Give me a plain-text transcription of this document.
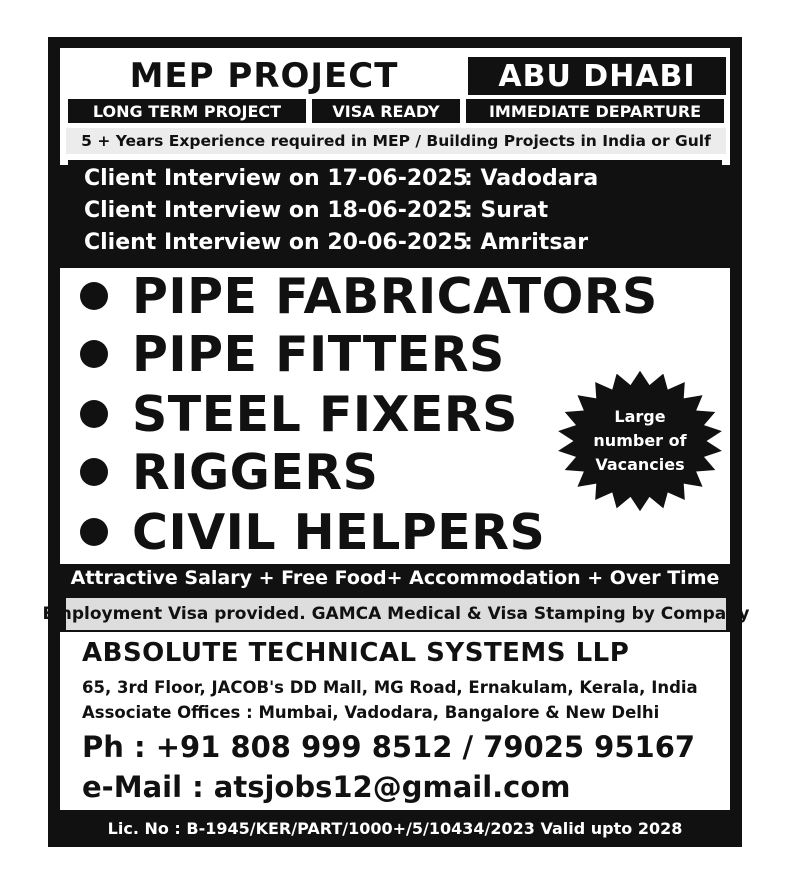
MEP PROJECT	ABU DHABI
LONG TERM PROJECT	VISA READY	IMMEDIATE DEPARTURE
5 + Years Experience required in MEP / Building Projects in India or Gulf
Client Interview on 17-06-2025
: Vadodara
Client Interview on 18-06-2025
: Surat
Client Interview on 20-06-2025
: Amritsar
PIPE FABRICATORS
PIPE FITTERS
STEEL FIXERS
RIGGERS
CIVIL HELPERS
Large
number of
Vacancies
Attractive Salary + Free Food+ Accommodation + Over Time
Employment Visa provided. GAMCA Medical & Visa Stamping by Company
ABSOLUTE TECHNICAL SYSTEMS LLP
65, 3rd Floor, JACOB's DD Mall, MG Road, Ernakulam, Kerala, India
Associate Offices : Mumbai, Vadodara, Bangalore & New Delhi
Ph : +91 808 999 8512 / 79025 95167
e-Mail : atsjobs12@gmail.com
Lic. No : B-1945/KER/PART/1000+/5/10434/2023 Valid upto 2028
